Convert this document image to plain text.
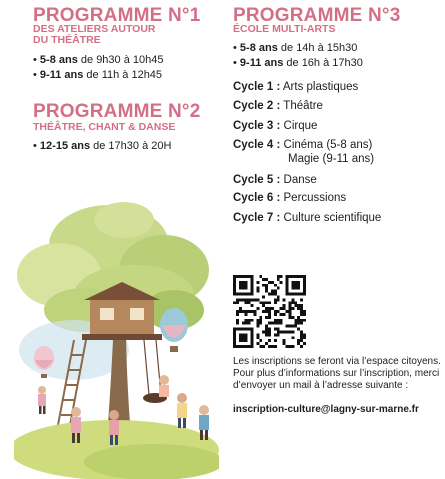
PROGRAMME N°1
DES ATELIERS AUTOUR
DU THÉÂTRE
• 5-8 ans de 9h30 à 10h45
• 9-11 ans de 11h à 12h45
PROGRAMME N°2
THÉÂTRE, CHANT & DANSE
• 12-15 ans de 17h30 à 20H
PROGRAMME N°3
ÉCOLE MULTI-ARTS
• 5-8 ans de 14h à 15h30
• 9-11 ans de 16h à 17h30
Cycle 1 : Arts plastiques
Cycle 2 : Théâtre
Cycle 3 : Cirque
Cycle 4 : Cinéma (5-8 ans)
Magie (9-11 ans)
Cycle 5 : Danse
Cycle 6 : Percussions
Cycle 7 : Culture scientifique
Les inscriptions se feront via l’espace citoyens. Pour plus d’informations sur l’inscription, merci d’envoyer un mail à l’adresse suivante :
inscription-culture@lagny-sur-marne.fr
